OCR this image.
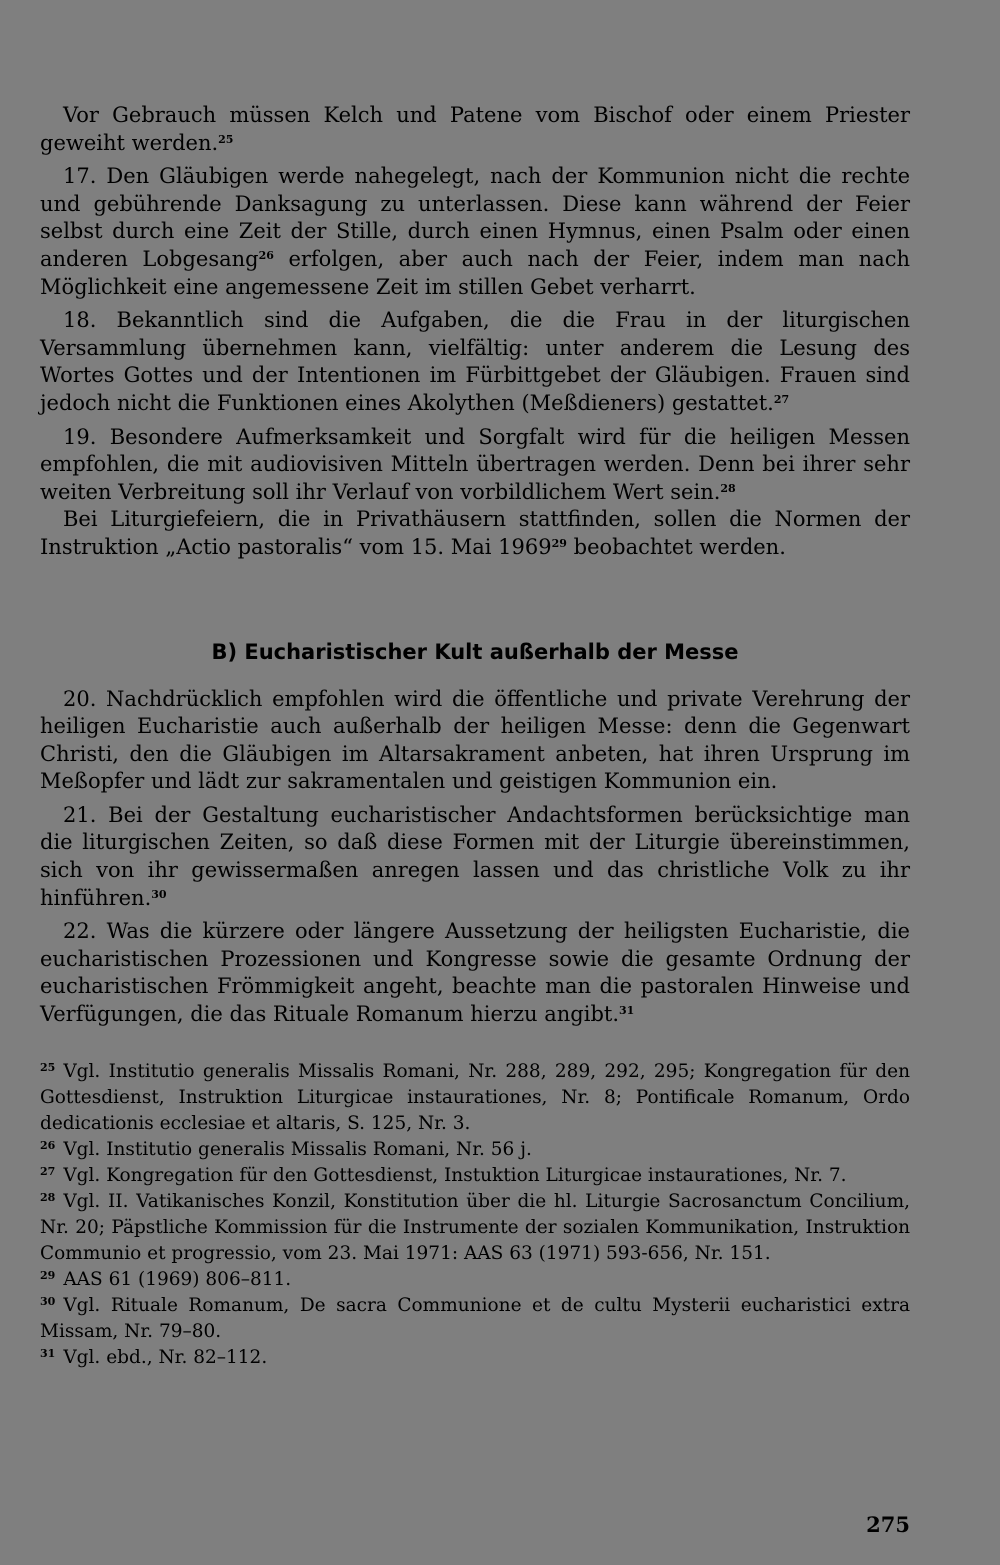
Vor Gebrauch müssen Kelch und Patene vom Bischof oder einem Priester geweiht werden.$^{25}$

17. Den Gläubigen werde nahegelegt, nach der Kommunion nicht die rechte und gebührende Danksagung zu unterlassen. Diese kann während der Feier selbst durch eine Zeit der Stille, durch einen Hymnus, einen Psalm oder einen anderen Lobgesang$^{26}$ erfolgen, aber auch nach der Feier, indem man nach Möglichkeit eine angemessene Zeit im stillen Gebet verharrt.

18. Bekanntlich sind die Aufgaben, die die Frau in der liturgischen Versammlung übernehmen kann, vielfältig: unter anderem die Lesung des Wortes Gottes und der Intentionen im Fürbittgebet der Gläubigen. Frauen sind jedoch nicht die Funktionen eines Akolythen (Meßdieners) gestattet.$^{27}$

19. Besondere Aufmerksamkeit und Sorgfalt wird für die heiligen Messen empfohlen, die mit audiovisiven Mitteln übertragen werden. Denn bei ihrer sehr weiten Verbreitung soll ihr Verlauf von vorbildlichem Wert sein.$^{28}$

Bei Liturgiefeiern, die in Privathäusern stattfinden, sollen die Normen der Instruktion „Actio pastoralis“ vom 15. Mai 1969$^{29}$ beobachtet werden.

B) Eucharistischer Kult außerhalb der Messe

20. Nachdrücklich empfohlen wird die öffentliche und private Verehrung der heiligen Eucharistie auch außerhalb der heiligen Messe: denn die Gegenwart Christi, den die Gläubigen im Altarsakrament anbeten, hat ihren Ursprung im Meßopfer und lädt zur sakramentalen und geistigen Kommunion ein.

21. Bei der Gestaltung eucharistischer Andachtsformen berücksichtige man die liturgischen Zeiten, so daß diese Formen mit der Liturgie übereinstimmen, sich von ihr gewissermaßen anregen lassen und das christliche Volk zu ihr hinführen.$^{30}$

22. Was die kürzere oder längere Aussetzung der heiligsten Eucharistie, die eucharistischen Prozessionen und Kongresse sowie die gesamte Ordnung der eucharistischen Frömmigkeit angeht, beachte man die pastoralen Hinweise und Verfügungen, die das Rituale Romanum hierzu angibt.$^{31}$

$^{25}$ Vgl. Institutio generalis Missalis Romani, Nr. 288, 289, 292, 295; Kongregation für den Gottesdienst, Instruktion Liturgicae instaurationes, Nr. 8; Pontificale Romanum, Ordo dedicationis ecclesiae et altaris, S. 125, Nr. 3.

$^{26}$ Vgl. Institutio generalis Missalis Romani, Nr. 56 j.

$^{27}$ Vgl. Kongregation für den Gottesdienst, Instuktion Liturgicae instaurationes, Nr. 7.

$^{28}$ Vgl. II. Vatikanisches Konzil, Konstitution über die hl. Liturgie Sacrosanctum Concilium, Nr. 20; Päpstliche Kommission für die Instrumente der sozialen Kommunikation, Instruktion Communio et progressio, vom 23. Mai 1971: AAS 63 (1971) 593-656, Nr. 151.

$^{29}$ AAS 61 (1969) 806–811.

$^{30}$ Vgl. Rituale Romanum, De sacra Communione et de cultu Mysterii eucharistici extra Missam, Nr. 79–80.

$^{31}$ Vgl. ebd., Nr. 82–112.

275
